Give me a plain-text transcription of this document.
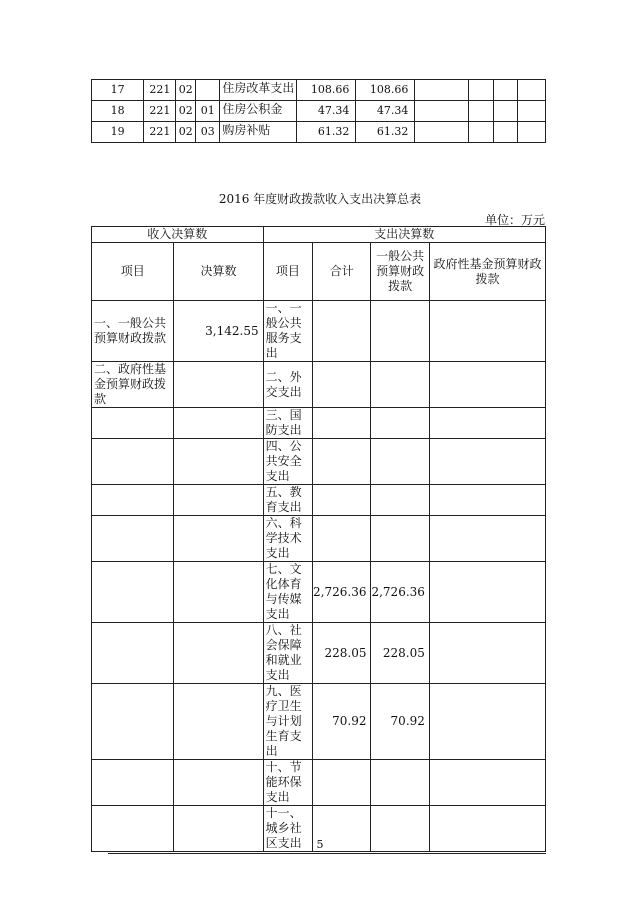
17	221	02		住房改革支出	108.66	108.66				
18	221	02	01	住房公积金	47.34	47.34				
19	221	02	03	购房补贴	61.32	61.32				
2016 年度财政拨款收入支出决算总表
单位：万元
收入决算数		支出决算数			
项目	决算数	项目	合计	一般公共预算财政拨款	政府性基金预算财政拨款
一、一般公共预算财政拨款	3,142.55	一、一般公共服务支出			
二、政府性基金预算财政拨款		二、外交支出			
		三、国防支出			
		四、公共安全支出			
		五、教育支出			
		六、科学技术支出			
		七、文化体育与传媒支出	2,726.36	2,726.36	
		八、社会保障和就业支出	228.05	228.05	
		九、医疗卫生与计划生育支出	70.92	70.92	
		十、节能环保支出			
		十一、城乡社区支出				5
